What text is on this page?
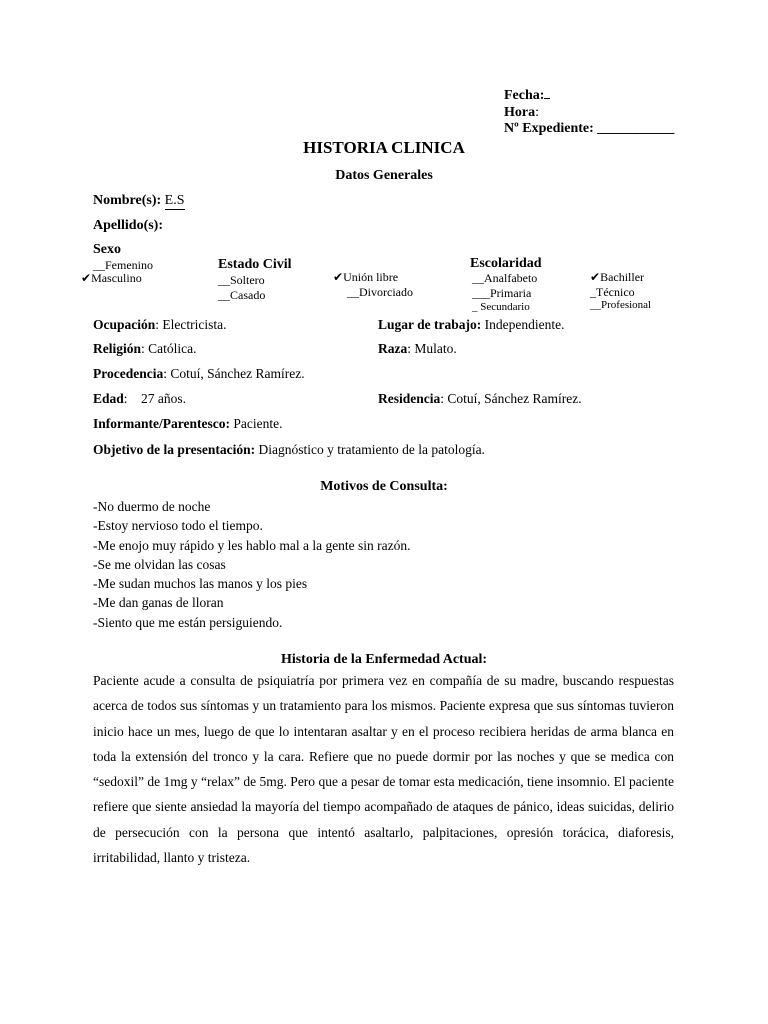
Fecha:
Hora:
Nº Expediente: ___________
HISTORIA CLINICA
Datos Generales
Nombre(s): E.S
Apellido(s):
Sexo
__Femenino
✔Masculino
Estado Civil
__Soltero
__Casado
✔Unión libre
__Divorciado
Escolaridad
__Analfabeto
___Primaria
_ Secundario
✔Bachiller
_Técnico
__Profesional
Ocupación: Electricista.	Lugar de trabajo: Independiente.
Religión: Católica.	Raza: Mulato.
Procedencia: Cotuí, Sánchez Ramírez.
Edad:    27 años.	Residencia: Cotuí, Sánchez Ramírez.
Informante/Parentesco: Paciente.
Objetivo de la presentación: Diagnóstico y tratamiento de la patología.
Motivos de Consulta:
-No duermo de noche
-Estoy nervioso todo el tiempo.
-Me enojo muy rápido y les hablo mal a la gente sin razón.
-Se me olvidan las cosas
-Me sudan muchos las manos y los pies
-Me dan ganas de lloran
-Siento que me están persiguiendo.
Historia de la Enfermedad Actual:
Paciente acude a consulta de psiquiatría por primera vez en compañía de su madre, buscando respuestas acerca de todos sus síntomas y un tratamiento para los mismos. Paciente expresa que sus síntomas tuvieron inicio hace un mes, luego de que lo intentaran asaltar y en el proceso recibiera heridas de arma blanca en toda la extensión del tronco y la cara. Refiere que no puede dormir por las noches y que se medica con “sedoxil” de 1mg y “relax” de 5mg. Pero que a pesar de tomar esta medicación, tiene insomnio. El paciente refiere que siente ansiedad la mayoría del tiempo acompañado de ataques de pánico, ideas suicidas, delirio de persecución con la persona que intentó asaltarlo, palpitaciones, opresión torácica, diaforesis, irritabilidad, llanto y tristeza.
